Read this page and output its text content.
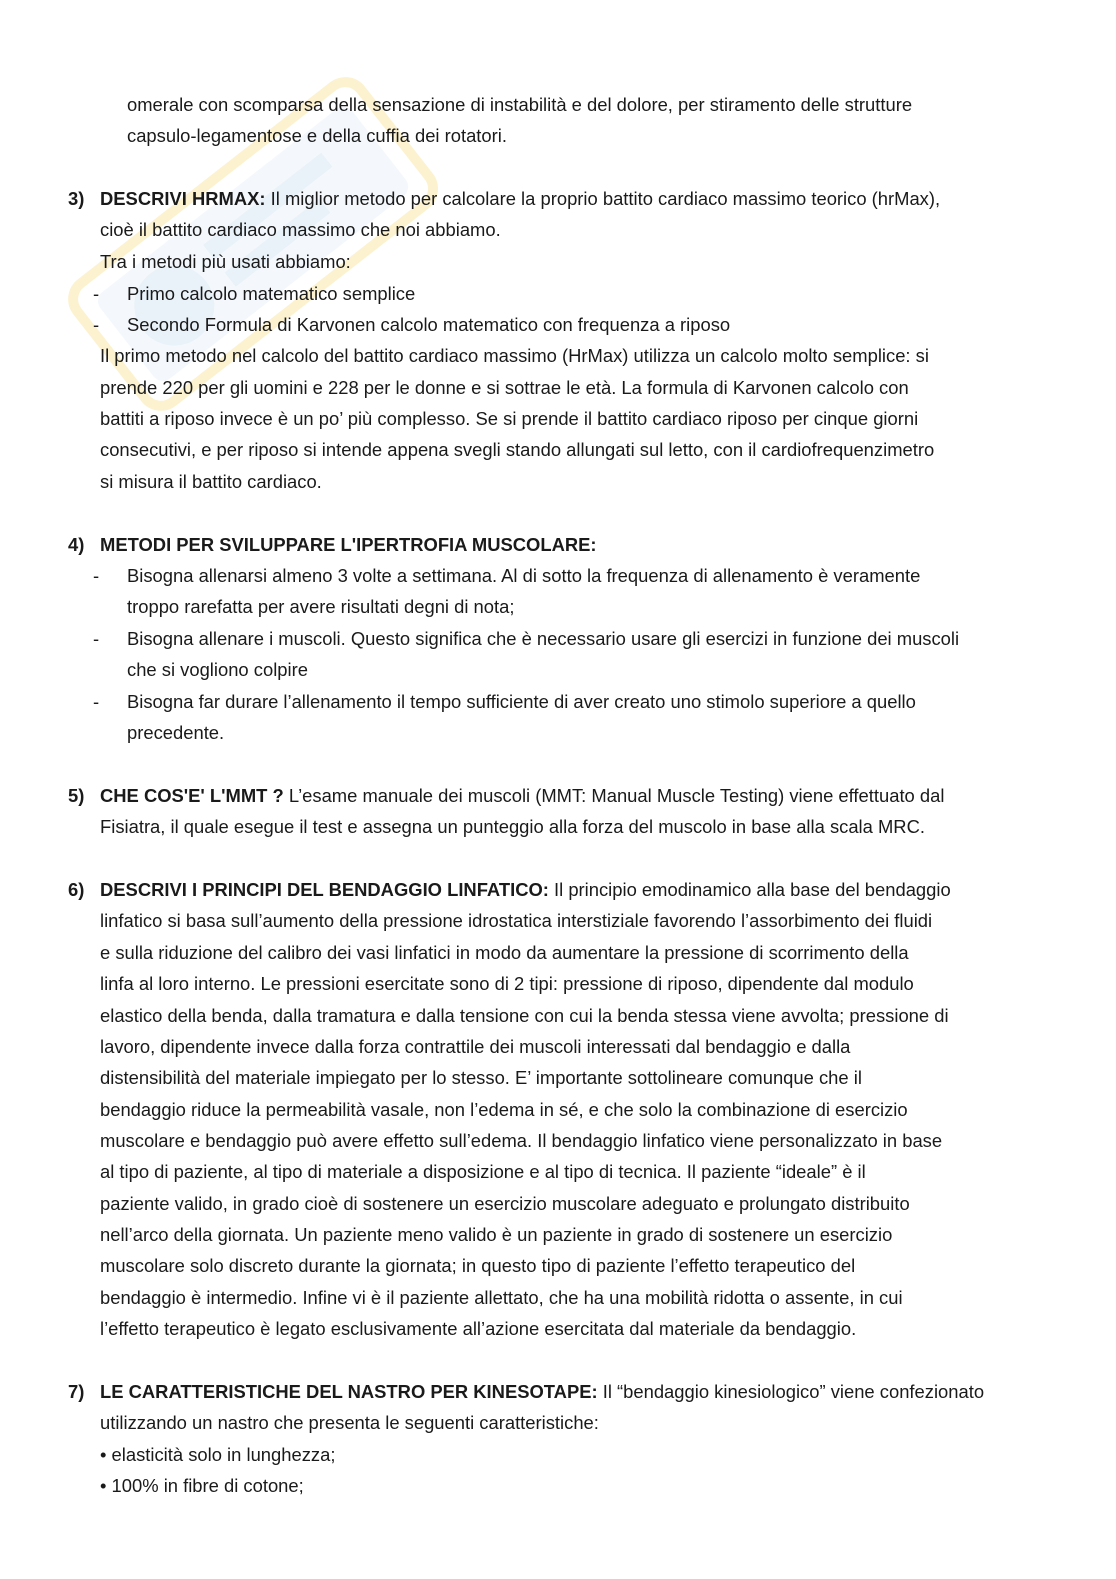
omerale con scomparsa della sensazione di instabilità e del dolore, per stiramento delle strutture
capsulo-legamentose e della cuffia dei rotatori.
3) DESCRIVI HRMAX: Il miglior metodo per calcolare la proprio battito cardiaco massimo teorico (hrMax),
cioè il battito cardiaco massimo che noi abbiamo.
Tra i metodi più usati abbiamo:
- Primo calcolo matematico semplice
- Secondo Formula di Karvonen calcolo matematico con frequenza a riposo
Il primo metodo nel calcolo del battito cardiaco massimo (HrMax) utilizza un calcolo molto semplice: si
prende 220 per gli uomini e 228 per le donne e si sottrae le età. La formula di Karvonen calcolo con
battiti a riposo invece è un po’ più complesso. Se si prende il battito cardiaco riposo per cinque giorni
consecutivi, e per riposo si intende appena svegli stando allungati sul letto, con il cardiofrequenzimetro
si misura il battito cardiaco.
4) METODI PER SVILUPPARE L'IPERTROFIA MUSCOLARE:
- Bisogna allenarsi almeno 3 volte a settimana. Al di sotto la frequenza di allenamento è veramente
troppo rarefatta per avere risultati degni di nota;
- Bisogna allenare i muscoli. Questo significa che è necessario usare gli esercizi in funzione dei muscoli
che si vogliono colpire
- Bisogna far durare l’allenamento il tempo sufficiente di aver creato uno stimolo superiore a quello
precedente.
5) CHE COS'E' L'MMT ? L’esame manuale dei muscoli (MMT: Manual Muscle Testing) viene effettuato dal
Fisiatra, il quale esegue il test e assegna un punteggio alla forza del muscolo in base alla scala MRC.
6) DESCRIVI I PRINCIPI DEL BENDAGGIO LINFATICO: Il principio emodinamico alla base del bendaggio
linfatico si basa sull’aumento della pressione idrostatica interstiziale favorendo l’assorbimento dei fluidi
e sulla riduzione del calibro dei vasi linfatici in modo da aumentare la pressione di scorrimento della
linfa al loro interno. Le pressioni esercitate sono di 2 tipi: pressione di riposo, dipendente dal modulo
elastico della benda, dalla tramatura e dalla tensione con cui la benda stessa viene avvolta; pressione di
lavoro, dipendente invece dalla forza contrattile dei muscoli interessati dal bendaggio e dalla
distensibilità del materiale impiegato per lo stesso. E’ importante sottolineare comunque che il
bendaggio riduce la permeabilità vasale, non l’edema in sé, e che solo la combinazione di esercizio
muscolare e bendaggio può avere effetto sull’edema. Il bendaggio linfatico viene personalizzato in base
al tipo di paziente, al tipo di materiale a disposizione e al tipo di tecnica. Il paziente “ideale” è il
paziente valido, in grado cioè di sostenere un esercizio muscolare adeguato e prolungato distribuito
nell’arco della giornata. Un paziente meno valido è un paziente in grado di sostenere un esercizio
muscolare solo discreto durante la giornata; in questo tipo di paziente l’effetto terapeutico del
bendaggio è intermedio. Infine vi è il paziente allettato, che ha una mobilità ridotta o assente, in cui
l’effetto terapeutico è legato esclusivamente all’azione esercitata dal materiale da bendaggio.
7) LE CARATTERISTICHE DEL NASTRO PER KINESOTAPE: Il “bendaggio kinesiologico” viene confezionato
utilizzando un nastro che presenta le seguenti caratteristiche:
• elasticità solo in lunghezza;
• 100% in fibre di cotone;
